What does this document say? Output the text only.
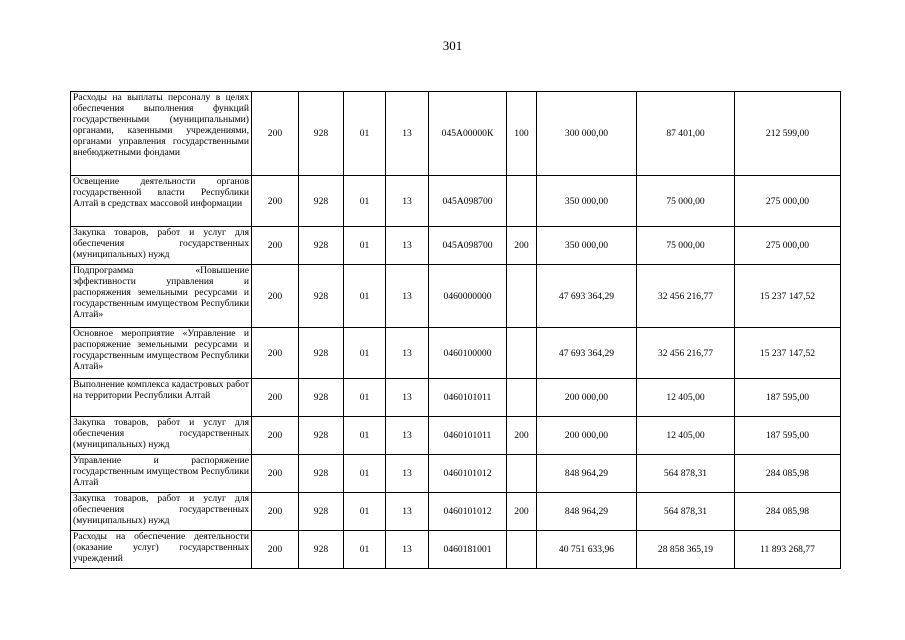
301
Расходы на выплаты персоналу в целях обеспечения выполнения функций государственными (муниципальными) органами, казенными учреждениями, органами управления государственными внебюджетными фондами	200	928	01	13	045А00000К	100	300 000,00	87 401,00	212 599,00
Освещение деятельности органов государственной власти Республики Алтай в средствах массовой информации	200	928	01	13	045А098700		350 000,00	75 000,00	275 000,00
Закупка товаров, работ и услуг для обеспечения государственных (муниципальных) нужд	200	928	01	13	045А098700	200	350 000,00	75 000,00	275 000,00
Подпрограмма «Повышение эффективности управления и распоряжения земельными ресурсами и государственным имуществом Республики Алтай»	200	928	01	13	0460000000		47 693 364,29	32 456 216,77	15 237 147,52
Основное мероприятие «Управление и распоряжение земельными ресурсами и государственным имуществом Республики Алтай»	200	928	01	13	0460100000		47 693 364,29	32 456 216,77	15 237 147,52
Выполнение комплекса кадастровых работ на территории Республики Алтай	200	928	01	13	0460101011		200 000,00	12 405,00	187 595,00
Закупка товаров, работ и услуг для обеспечения государственных (муниципальных) нужд	200	928	01	13	0460101011	200	200 000,00	12 405,00	187 595,00
Управление и распоряжение государственным имуществом Республики Алтай	200	928	01	13	0460101012		848 964,29	564 878,31	284 085,98
Закупка товаров, работ и услуг для обеспечения государственных (муниципальных) нужд	200	928	01	13	0460101012	200	848 964,29	564 878,31	284 085,98
Расходы на обеспечение деятельности (оказание услуг) государственных учреждений	200	928	01	13	0460181001		40 751 633,96	28 858 365,19	11 893 268,77
